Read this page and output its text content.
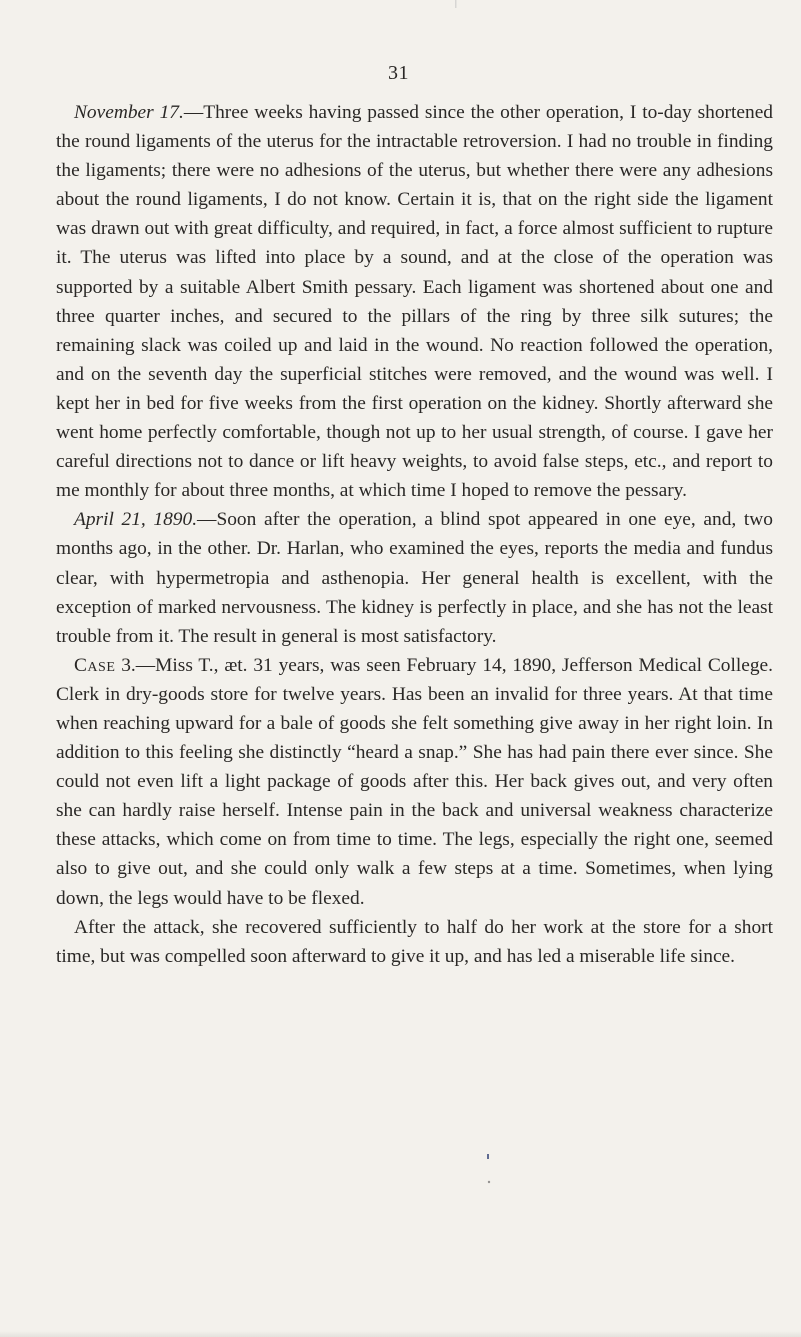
31

November 17.—Three weeks having passed since the other operation, I to-day shortened the round ligaments of the uterus for the intractable retroversion. I had no trouble in finding the ligaments; there were no adhesions of the uterus, but whether there were any adhesions about the round ligaments, I do not know. Certain it is, that on the right side the ligament was drawn out with great difficulty, and required, in fact, a force almost sufficient to rupture it. The uterus was lifted into place by a sound, and at the close of the operation was supported by a suitable Albert Smith pessary. Each ligament was shortened about one and three quarter inches, and secured to the pillars of the ring by three silk sutures; the remaining slack was coiled up and laid in the wound. No reaction followed the operation, and on the seventh day the superficial stitches were removed, and the wound was well. I kept her in bed for five weeks from the first operation on the kidney. Shortly afterward she went home perfectly comfortable, though not up to her usual strength, of course. I gave her careful directions not to dance or lift heavy weights, to avoid false steps, etc., and report to me monthly for about three months, at which time I hoped to remove the pessary.

April 21, 1890.—Soon after the operation, a blind spot appeared in one eye, and, two months ago, in the other. Dr. Harlan, who examined the eyes, reports the media and fundus clear, with hypermetropia and asthenopia. Her general health is excellent, with the exception of marked nervousness. The kidney is perfectly in place, and she has not the least trouble from it. The result in general is most satisfactory.

Case 3.—Miss T., æt. 31 years, was seen February 14, 1890, Jefferson Medical College. Clerk in dry-goods store for twelve years. Has been an invalid for three years. At that time when reaching upward for a bale of goods she felt something give away in her right loin. In addition to this feeling she distinctly “heard a snap.” She has had pain there ever since. She could not even lift a light package of goods after this. Her back gives out, and very often she can hardly raise herself. Intense pain in the back and universal weakness characterize these attacks, which come on from time to time. The legs, especially the right one, seemed also to give out, and she could only walk a few steps at a time. Sometimes, when lying down, the legs would have to be flexed.

After the attack, she recovered sufficiently to half do her work at the store for a short time, but was compelled soon afterward to give it up, and has led a miserable life since.
